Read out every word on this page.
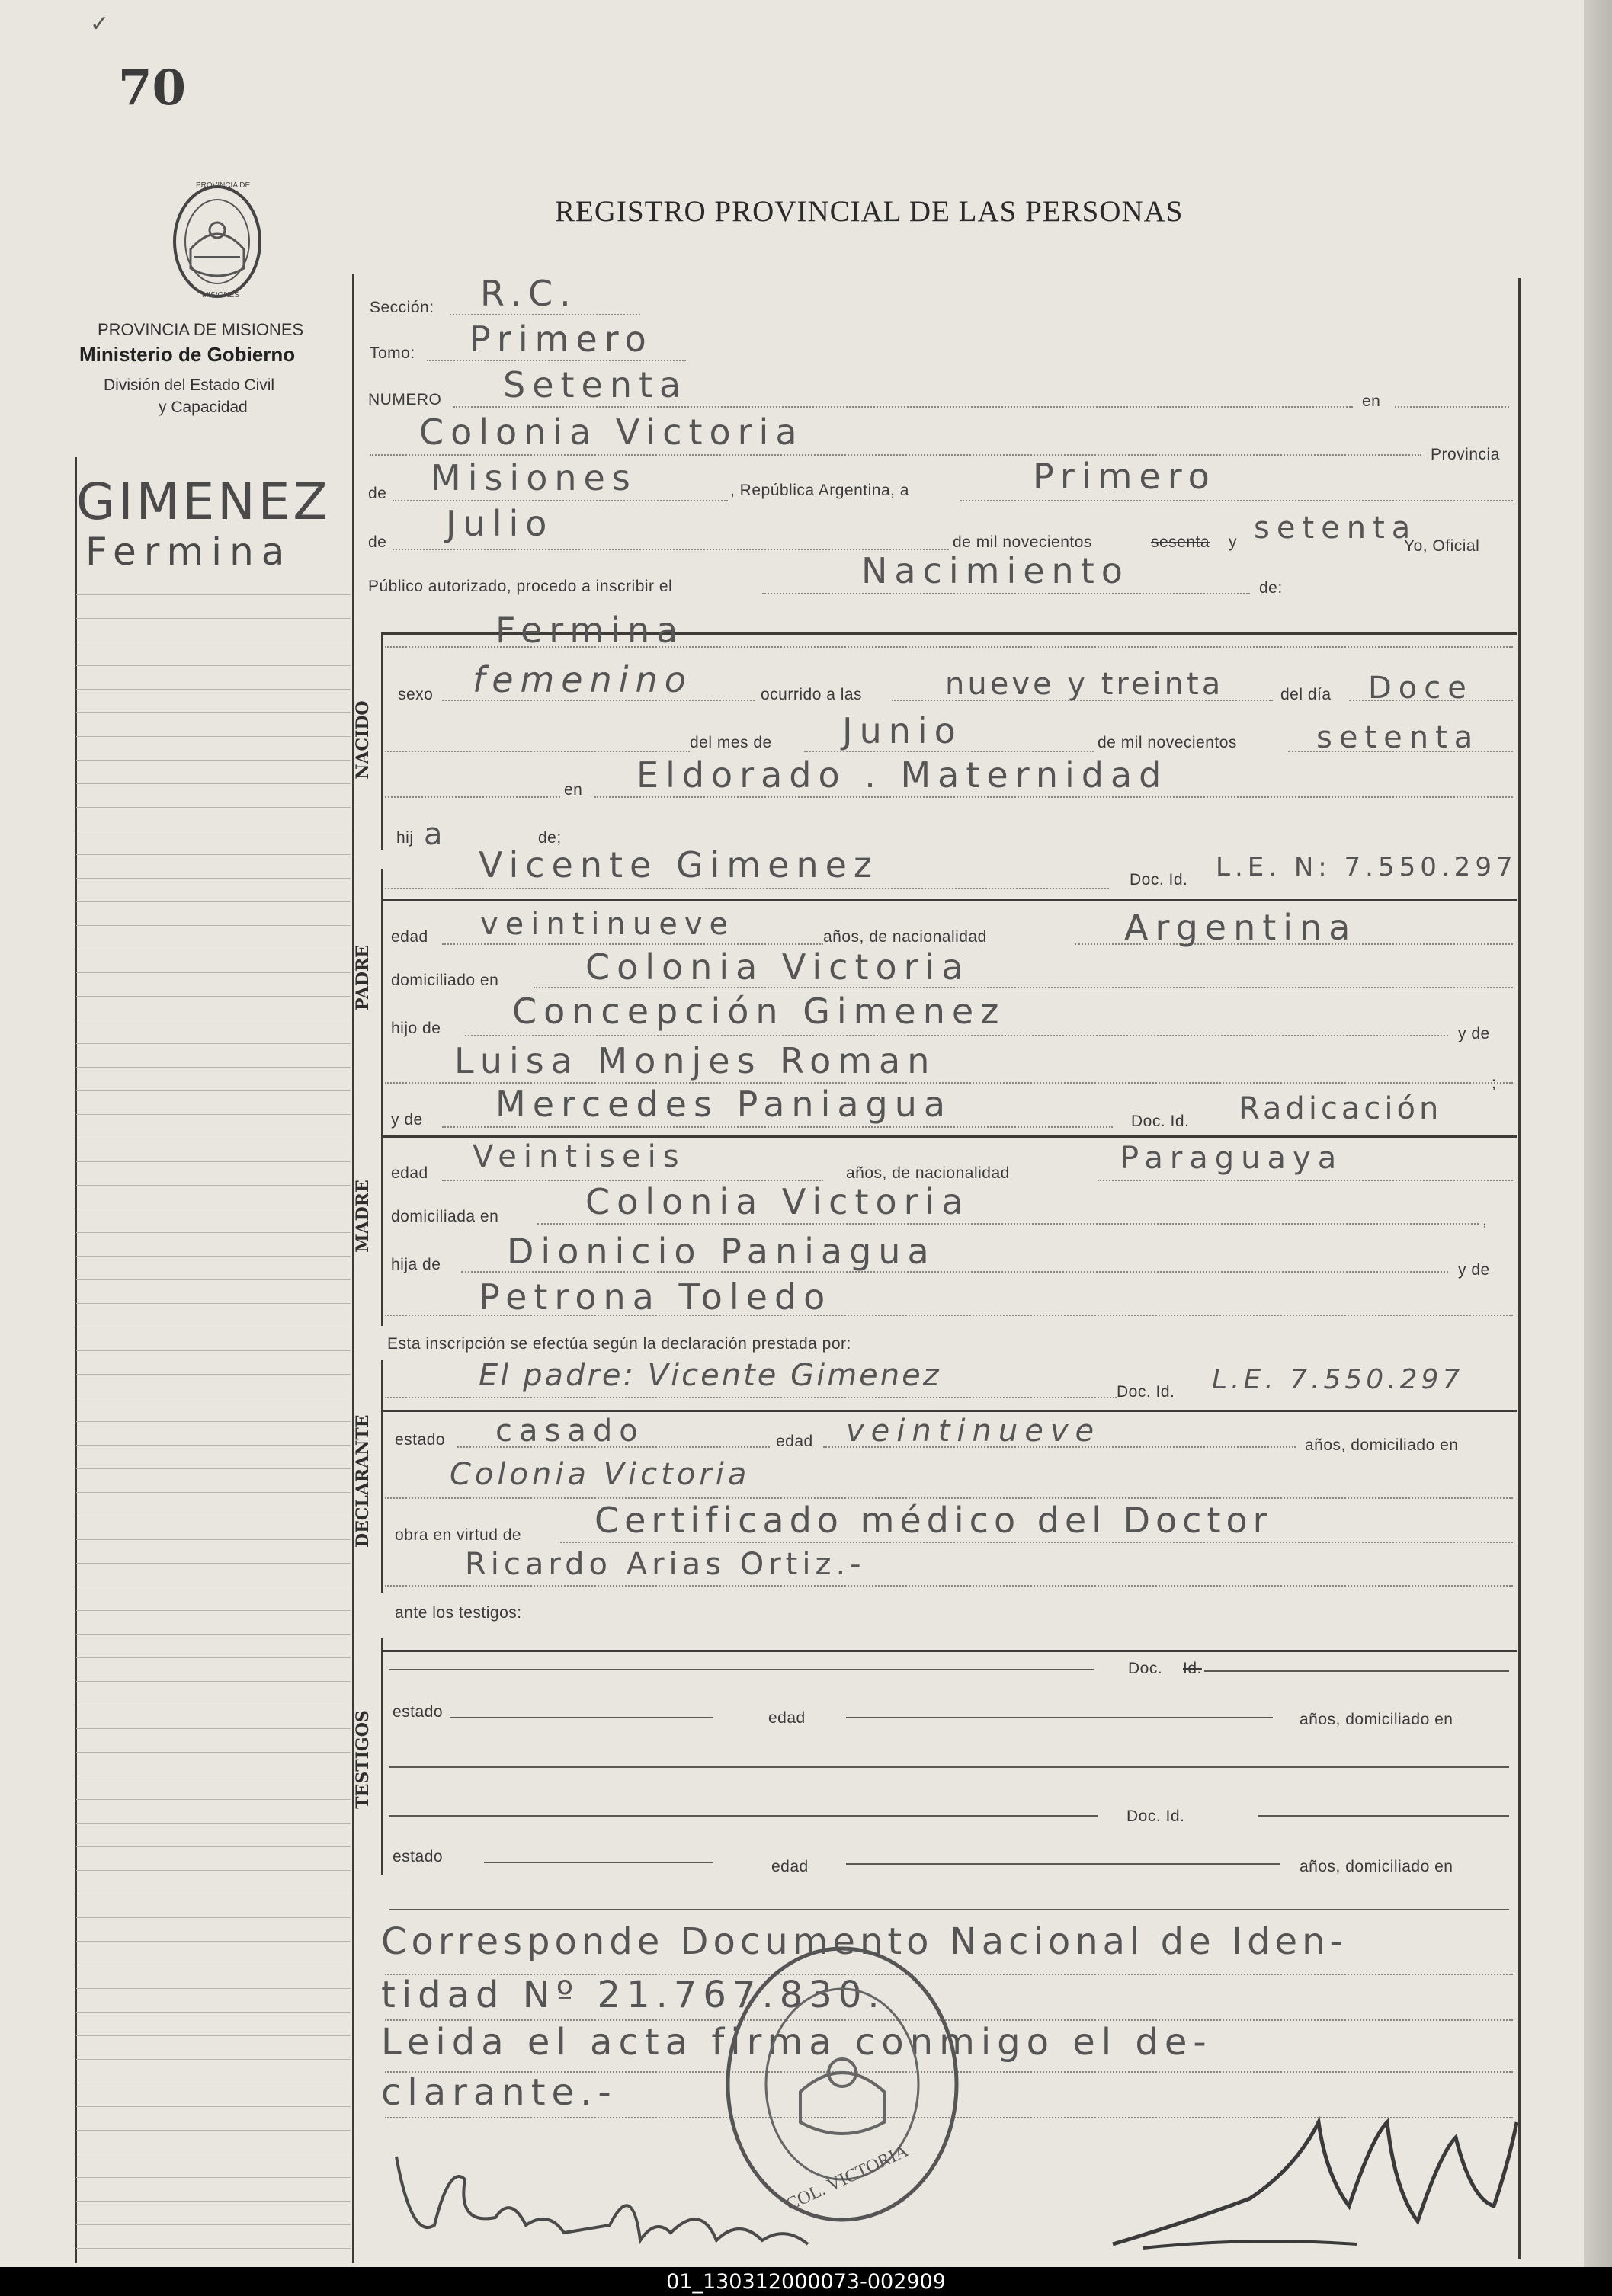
70
✓
REGISTRO PROVINCIAL DE LAS PERSONAS
PROVINCIA DE
MISIONES
PROVINCIA DE MISIONES
Ministerio de Gobierno
División del Estado Civil
y Capacidad
GIMENEZ
Fermina
Sección: R.C.
Tomo: Primero
NUMERO Setenta	en
Colonia Victoria
Provincia
de Misiones	, República Argentina, a	Primero
de Julio	de mil novecientos	sesenta y setenta
Yo, Oficial
Público autorizado, procedo a inscribir el	Nacimiento	de:
NACIDO
Fermina
sexo femenino	ocurrido a las	nueve y treinta	del día Doce
del mes de Junio	de mil novecientos	setenta
en Eldorado . Maternidad
hij a	de;
PADRE
Vicente Gimenez	Doc. Id. L.E. N: 7.550.297
edad veintinueve	años, de nacionalidad	Argentina
domiciliado en Colonia Victoria
hijo de Concepción Gimenez
y de
Luisa Monjes Roman
;
MADRE
y de Mercedes Paniagua	Doc. Id. Radicación
edad Veintiseis	años, de nacionalidad	Paraguaya
domiciliada en Colonia Victoria	,
hija de Dionicio Paniagua	y de
Petrona Toledo
Esta inscripción se efectúa según la declaración prestada por:
DECLARANTE
El padre: Vicente Gimenez	Doc. Id. L.E. 7.550.297
estado casado	edad veintinueve	años, domiciliado en
Colonia Victoria
obra en virtud de Certificado médico del Doctor
Ricardo Arias Ortiz.-
ante los testigos:
TESTIGOS
Doc. Id.
estado	edad	años, domiciliado en
Doc. Id.
estado
edad	años, domiciliado en
Corresponde Documento Nacional de Iden-
tidad Nº 21.767.830.
Leida el acta firma conmigo el de-
clarante.-
COL. VICTORIA
01_130312000073-002909
